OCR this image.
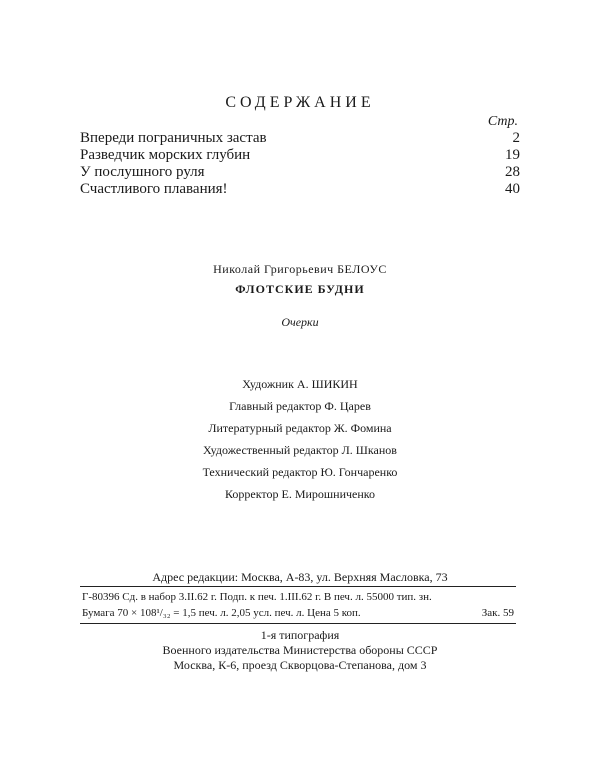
СОДЕРЖАНИЕ
Стр.
Впереди пограничных застав	2
Разведчик морских глубин	19
У послушного руля	28
Счастливого плавания!	40
Николай Григорьевич БЕЛОУС
ФЛОТСКИЕ БУДНИ
Очерки
Художник А. ШИКИН
Главный редактор Ф. Царев
Литературный редактор Ж. Фомина
Художественный редактор Л. Шканов
Технический редактор Ю. Гончаренко
Корректор Е. Мирошниченко
Адрес редакции: Москва, А-83, ул. Верхняя Масловка, 73
Г-80396 Сд. в набор 3.II.62 г. Подп. к печ. 1.III.62 г. В печ. л. 55000 тип. зн.
Бумага 70 × 108¹/₃₂ = 1,5 печ. л. 2,05 усл. печ. л. Цена 5 коп.	Зак. 59
1-я типография
Военного издательства Министерства обороны СССР
Москва, К-6, проезд Скворцова-Степанова, дом 3
